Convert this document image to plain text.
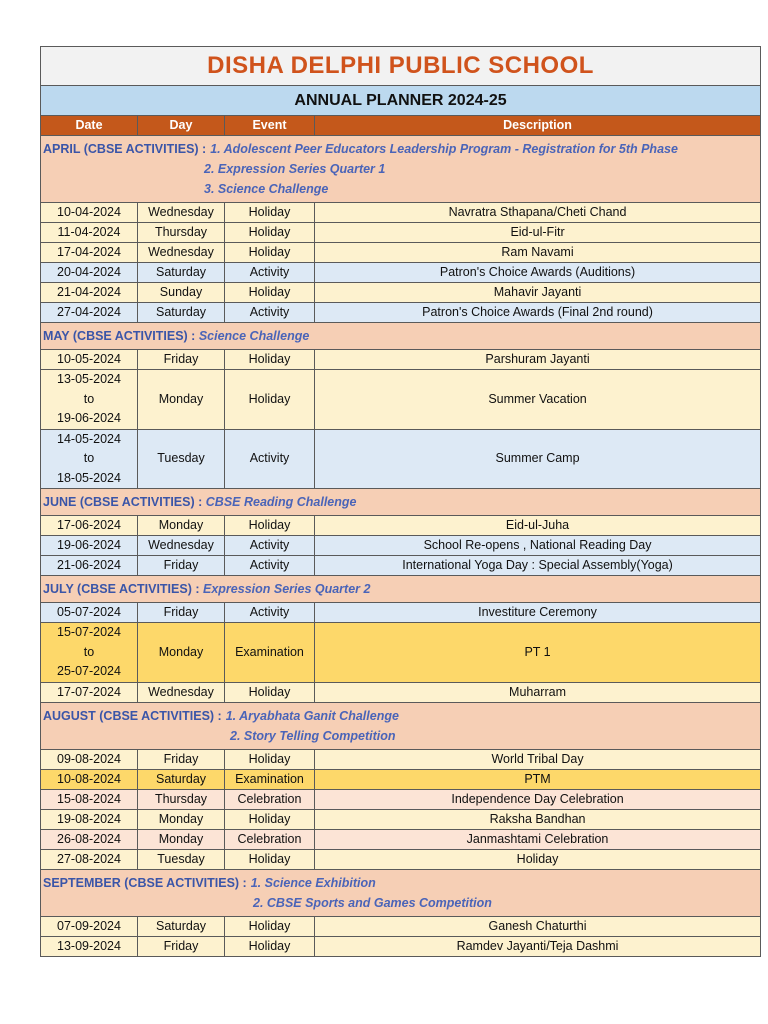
DISHA DELPHI PUBLIC SCHOOL			
ANNUAL PLANNER 2024-25			
Date	Day	Event	Description
APRIL (CBSE ACTIVITIES) : 1. Adolescent Peer Educators Leadership Program - Registration for 5th Phase

2. Expression Series Quarter 1
3. Science Challenge			

10-04-2024	Wednesday	Holiday	Navratra Sthapana/Cheti Chand
11-04-2024	Thursday	Holiday	Eid-ul-Fitr
17-04-2024	Wednesday	Holiday	Ram Navami
20-04-2024	Saturday	Activity	Patron's Choice Awards (Auditions)
21-04-2024	Sunday	Holiday	Mahavir Jayanti
27-04-2024	Saturday	Activity	Patron's Choice Awards (Final 2nd round)
MAY (CBSE ACTIVITIES) : Science Challenge			
10-05-2024	Friday	Holiday	Parshuram Jayanti

13-05-2024
to
19-06-2024	Monday	Holiday	Summer Vacation

14-05-2024
to
18-05-2024	Tuesday	Activity	Summer Camp
JUNE (CBSE ACTIVITIES) : CBSE Reading Challenge			
17-06-2024	Monday	Holiday	Eid-ul-Juha
19-06-2024	Wednesday	Activity	School Re-opens , National Reading Day
21-06-2024	Friday	Activity	International Yoga Day : Special Assembly(Yoga)
JULY (CBSE ACTIVITIES) : Expression Series Quarter 2			
05-07-2024	Friday	Activity	Investiture Ceremony

15-07-2024
to
25-07-2024	Monday	Examination	PT 1
17-07-2024	Wednesday	Holiday	Muharram
AUGUST (CBSE ACTIVITIES) : 1. Aryabhata Ganit Challenge

2. Story Telling Competition			

09-08-2024	Friday	Holiday	World Tribal Day
10-08-2024	Saturday	Examination	PTM
15-08-2024	Thursday	Celebration	Independence Day Celebration
19-08-2024	Monday	Holiday	Raksha Bandhan
26-08-2024	Monday	Celebration	Janmashtami Celebration
27-08-2024	Tuesday	Holiday	Holiday
SEPTEMBER (CBSE ACTIVITIES) : 1. Science Exhibition

2. CBSE Sports and Games Competition			

07-09-2024	Saturday	Holiday	Ganesh Chaturthi
13-09-2024	Friday	Holiday	Ramdev Jayanti/Teja Dashmi
